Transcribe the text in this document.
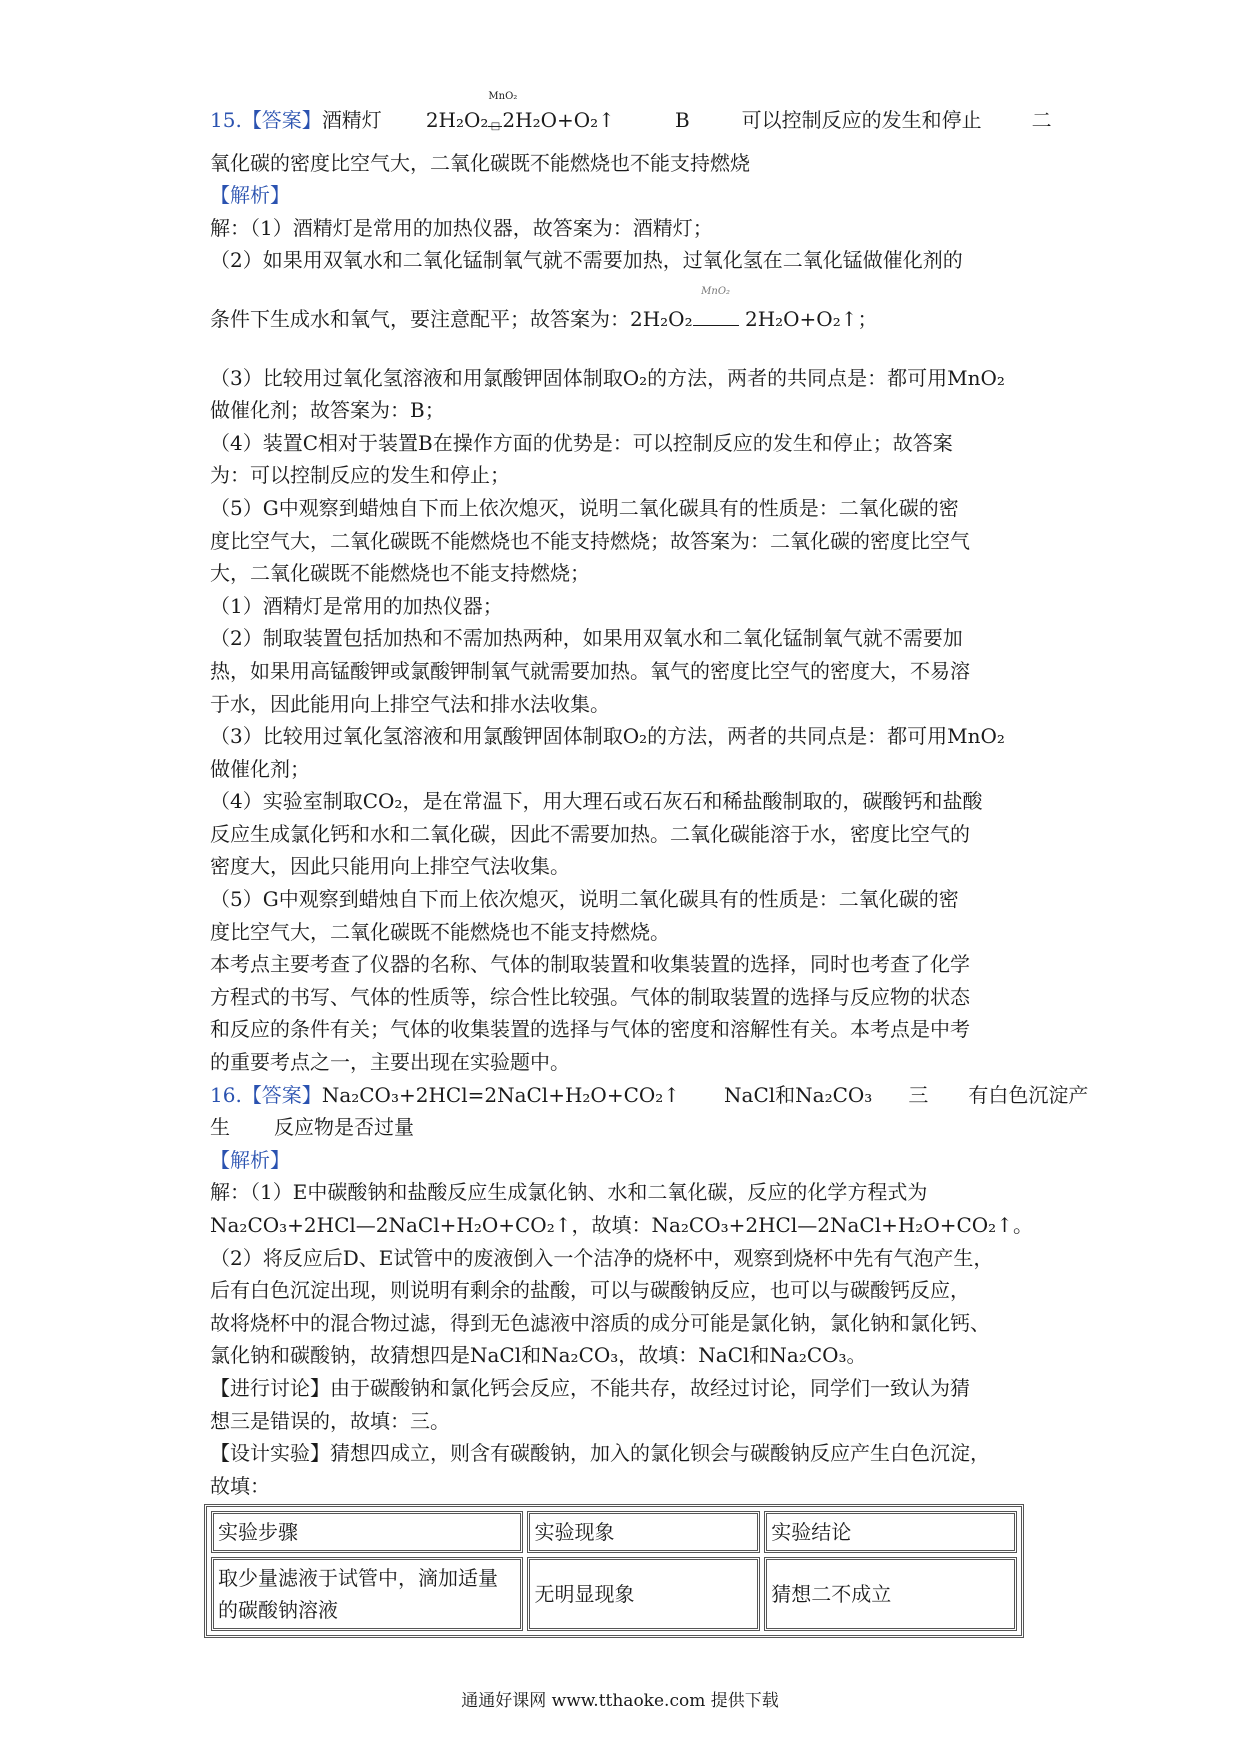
15.【答案】酒精灯 $2H_2O_2 \frac{\text{MnO₂}}{□}$ 2H₂O+O₂↑	B	可以控制反应的发生和停止	二
氧化碳的密度比空气大，二氧化碳既不能燃烧也不能支持燃烧
【解析】
解：（1）酒精灯是常用的加热仪器，故答案为：酒精灯；
（2）如果用双氧水和二氧化锰制氧气就不需要加热，过氧化氢在二氧化锰做催化剂的
条件下生成水和氧气，要注意配平；故答案为：2H₂O₂
MnO₂
2H₂O+O₂↑；
（3）比较用过氧化氢溶液和用氯酸钾固体制取O₂的方法，两者的共同点是：都可用MnO₂
做催化剂；故答案为：B；
（4）装置C相对于装置B在操作方面的优势是：可以控制反应的发生和停止；故答案
为：可以控制反应的发生和停止；
（5）G中观察到蜡烛自下而上依次熄灭，说明二氧化碳具有的性质是：二氧化碳的密
度比空气大，二氧化碳既不能燃烧也不能支持燃烧；故答案为：二氧化碳的密度比空气
大，二氧化碳既不能燃烧也不能支持燃烧；
（1）酒精灯是常用的加热仪器；
（2）制取装置包括加热和不需加热两种，如果用双氧水和二氧化锰制氧气就不需要加
热，如果用高锰酸钾或氯酸钾制氧气就需要加热。氧气的密度比空气的密度大，不易溶
于水，因此能用向上排空气法和排水法收集。
（3）比较用过氧化氢溶液和用氯酸钾固体制取O₂的方法，两者的共同点是：都可用MnO₂
做催化剂；
（4）实验室制取CO₂，是在常温下，用大理石或石灰石和稀盐酸制取的，碳酸钙和盐酸
反应生成氯化钙和水和二氧化碳，因此不需要加热。二氧化碳能溶于水，密度比空气的
密度大，因此只能用向上排空气法收集。
（5）G中观察到蜡烛自下而上依次熄灭，说明二氧化碳具有的性质是：二氧化碳的密
度比空气大，二氧化碳既不能燃烧也不能支持燃烧。
本考点主要考查了仪器的名称、气体的制取装置和收集装置的选择，同时也考查了化学
方程式的书写、气体的性质等，综合性比较强。气体的制取装置的选择与反应物的状态
和反应的条件有关；气体的收集装置的选择与气体的密度和溶解性有关。本考点是中考
的重要考点之一，主要出现在实验题中。
16.【答案】Na₂CO₃+2HCl=2NaCl+H₂O+CO₂↑ NaCl和Na₂CO₃ 三 有白色沉淀产
生 反应物是否过量
【解析】
解：（1）E中碳酸钠和盐酸反应生成氯化钠、水和二氧化碳，反应的化学方程式为
Na₂CO₃+2HCl—2NaCl+H₂O+CO₂↑，故填：Na₂CO₃+2HCl—2NaCl+H₂O+CO₂↑。
（2）将反应后D、E试管中的废液倒入一个洁净的烧杯中，观察到烧杯中先有气泡产生，
后有白色沉淀出现，则说明有剩余的盐酸，可以与碳酸钠反应，也可以与碳酸钙反应，
故将烧杯中的混合物过滤，得到无色滤液中溶质的成分可能是氯化钠，氯化钠和氯化钙、
氯化钠和碳酸钠，故猜想四是NaCl和Na₂CO₃，故填：NaCl和Na₂CO₃。
【进行讨论】由于碳酸钠和氯化钙会反应，不能共存，故经过讨论，同学们一致认为猜
想三是错误的，故填：三。
【设计实验】猜想四成立，则含有碳酸钠，加入的氯化钡会与碳酸钠反应产生白色沉淀，
故填：
实验步骤	实验现象	实验结论
取少量滤液于试管中，滴加适量的碳酸钠溶液	无明显现象	猜想二不成立
通通好课网 www.tthaoke.com 提供下载
